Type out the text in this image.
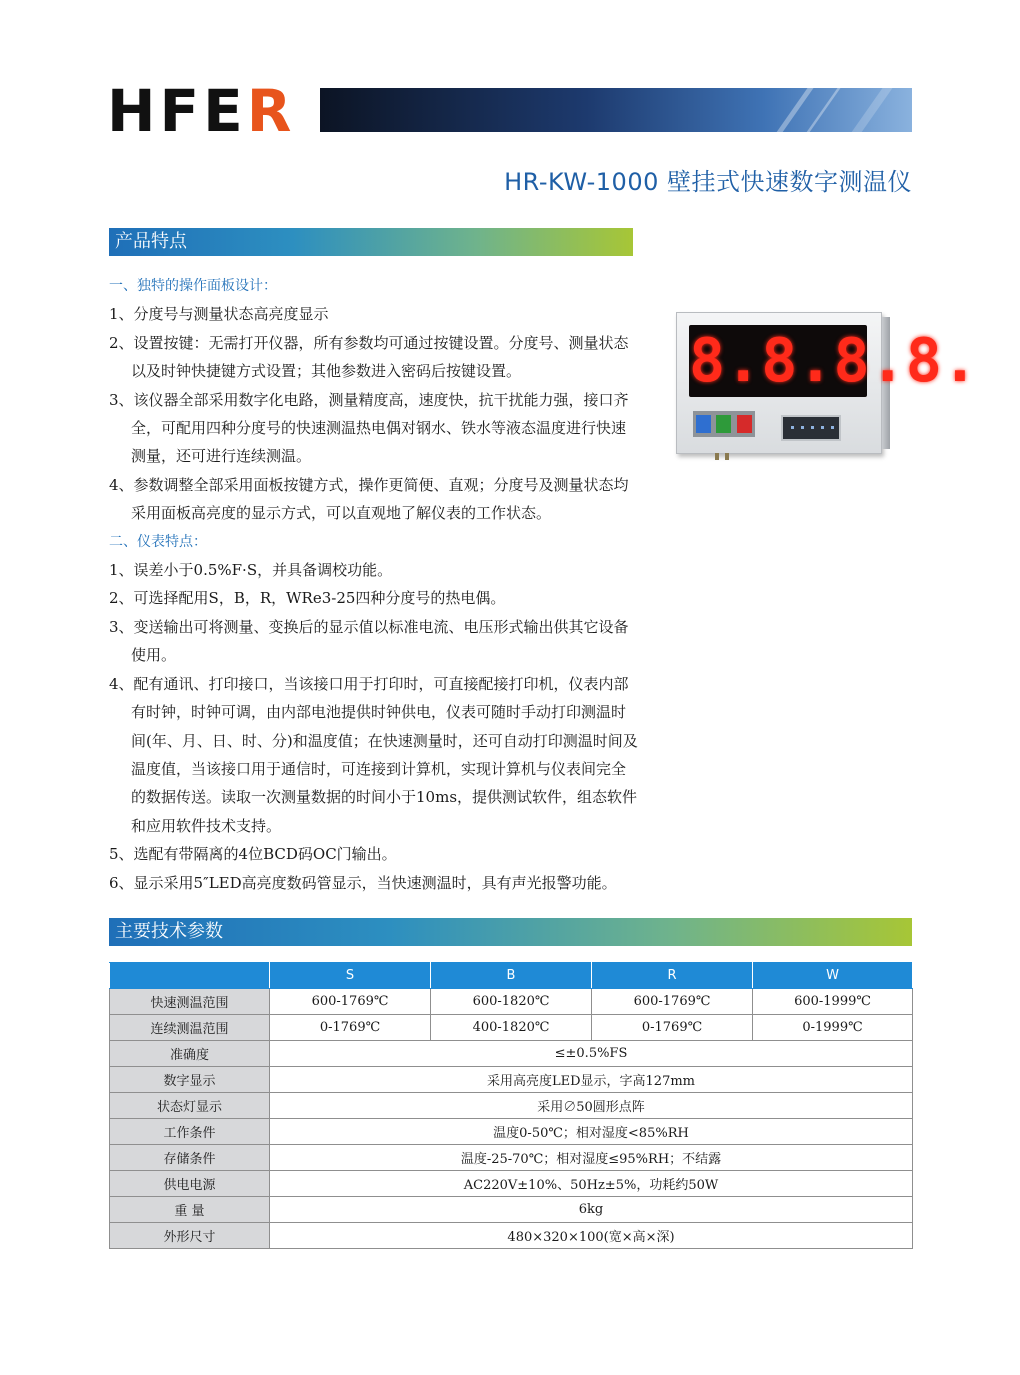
HFER
HR-KW-1000 壁挂式快速数字测温仪
产品特点
一、独特的操作面板设计：
1、分度号与测量状态高亮度显示
2、设置按键：无需打开仪器，所有参数均可通过按键设置。分度号、测量状态以及时钟快捷键方式设置；其他参数进入密码后按键设置。
3、该仪器全部采用数字化电路，测量精度高，速度快，抗干扰能力强，接口齐全，可配用四种分度号的快速测温热电偶对钢水、铁水等液态温度进行快速测量，还可进行连续测温。
4、参数调整全部采用面板按键方式，操作更简便、直观；分度号及测量状态均采用面板高亮度的显示方式，可以直观地了解仪表的工作状态。
二、仪表特点：
1、误差小于0.5%F·S，并具备调校功能。
2、可选择配用S，B，R，WRe3-25四种分度号的热电偶。
3、变送输出可将测量、变换后的显示值以标准电流、电压形式输出供其它设备使用。
4、配有通讯、打印接口，当该接口用于打印时，可直接配接打印机，仪表内部有时钟，时钟可调，由内部电池提供时钟供电，仪表可随时手动打印测温时间(年、月、日、时、分)和温度值；在快速测量时，还可自动打印测温时间及温度值，当该接口用于通信时，可连接到计算机，实现计算机与仪表间完全的数据传送。读取一次测量数据的时间小于10ms，提供测试软件，组态软件和应用软件技术支持。
5、选配有带隔离的4位BCD码OC门输出。
6、显示采用5″LED高亮度数码管显示，当快速测温时，具有声光报警功能。
8. 8. 8. 8.
主要技术参数
	S	B	R	W
快速测温范围	600-1769℃	600-1820℃	600-1769℃	600-1999℃
连续测温范围	0-1769℃	400-1820℃	0-1769℃	0-1999℃
准确度	≤±0.5%FS			
数字显示	采用高亮度LED显示，字高127mm			
状态灯显示	采用∅50圆形点阵			
工作条件	温度0-50℃；相对湿度<85%RH			
存储条件	温度-25-70℃；相对湿度≤95%RH；不结露			
供电电源	AC220V±10%、50Hz±5%，功耗约50W			
重 量	6kg			
外形尺寸	480×320×100(宽×高×深)			
